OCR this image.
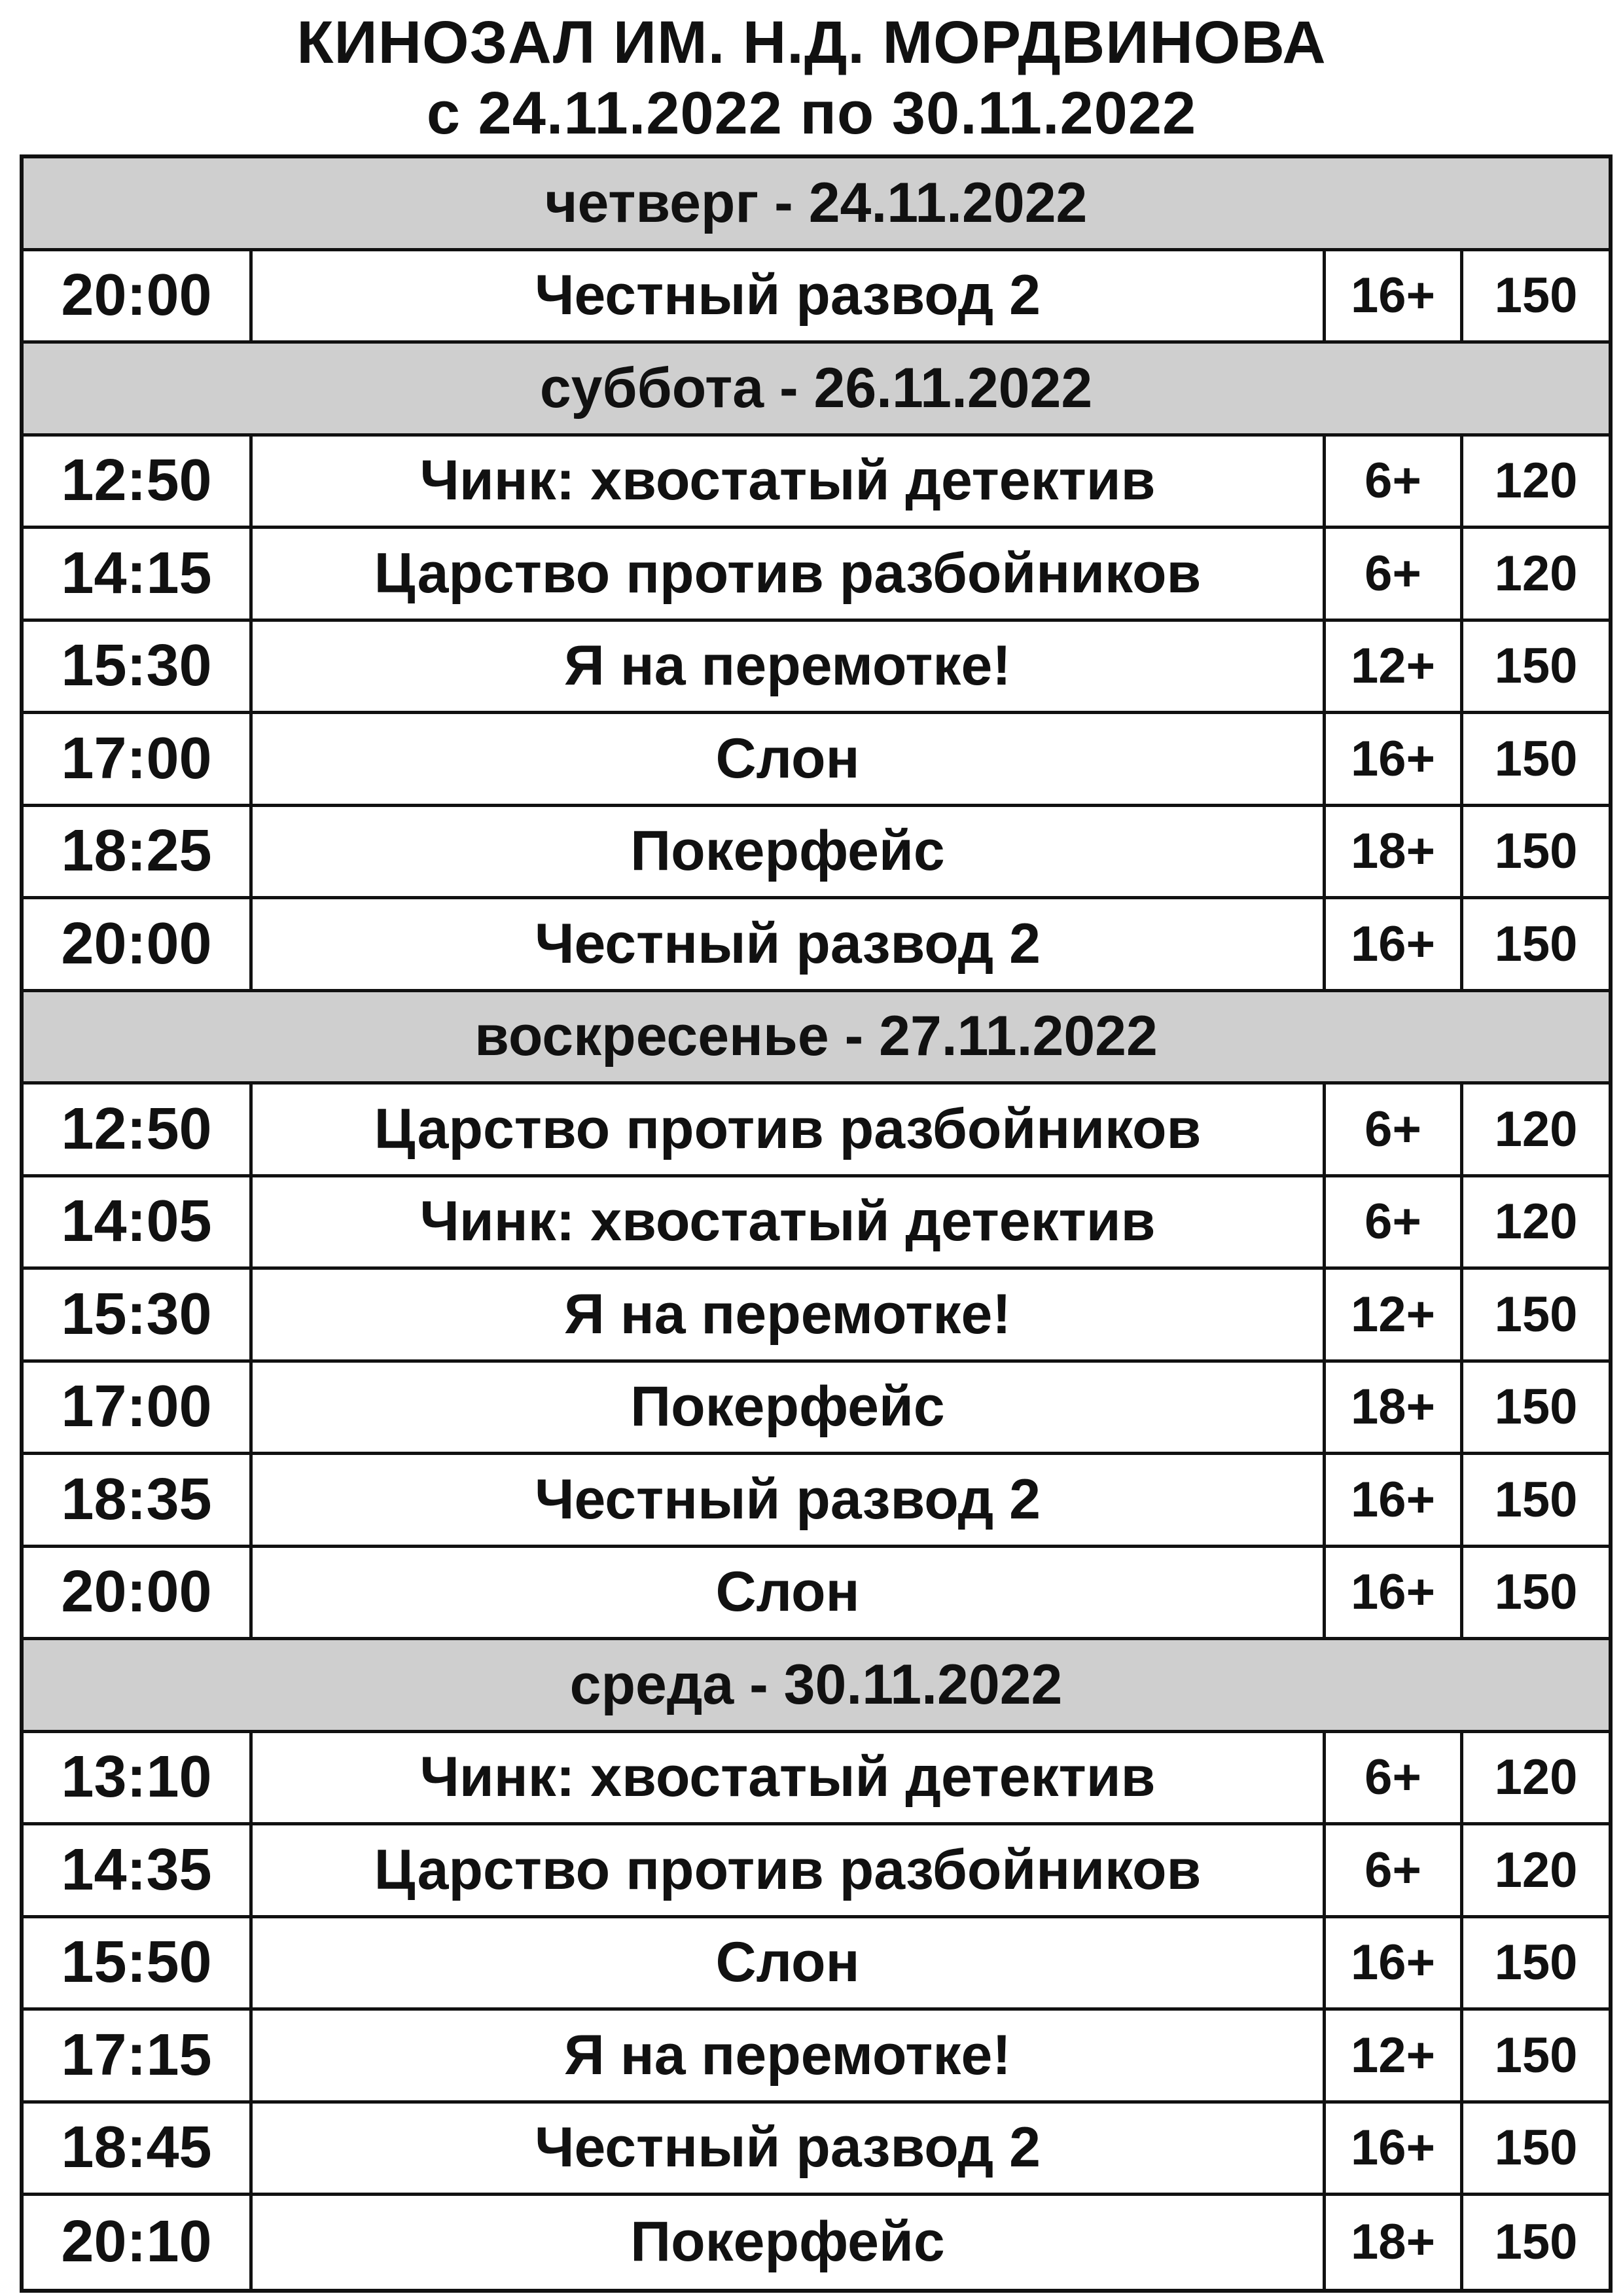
КИНОЗАЛ ИМ. Н.Д. МОРДВИНОВА
с 24.11.2022 по 30.11.2022
четверг - 24.11.2022
20:00	Честный развод 2	16+	150
суббота - 26.11.2022
12:50	Чинк: хвостатый детектив	6+	120
14:15	Царство против разбойников	6+	120
15:30	Я на перемотке!	12+	150
17:00	Слон	16+	150
18:25	Покерфейс	18+	150
20:00	Честный развод 2	16+	150
воскресенье - 27.11.2022
12:50	Царство против разбойников	6+	120
14:05	Чинк: хвостатый детектив	6+	120
15:30	Я на перемотке!	12+	150
17:00	Покерфейс	18+	150
18:35	Честный развод 2	16+	150
20:00	Слон	16+	150
среда - 30.11.2022
13:10	Чинк: хвостатый детектив	6+	120
14:35	Царство против разбойников	6+	120
15:50	Слон	16+	150
17:15	Я на перемотке!	12+	150
18:45	Честный развод 2	16+	150
20:10	Покерфейс	18+	150
